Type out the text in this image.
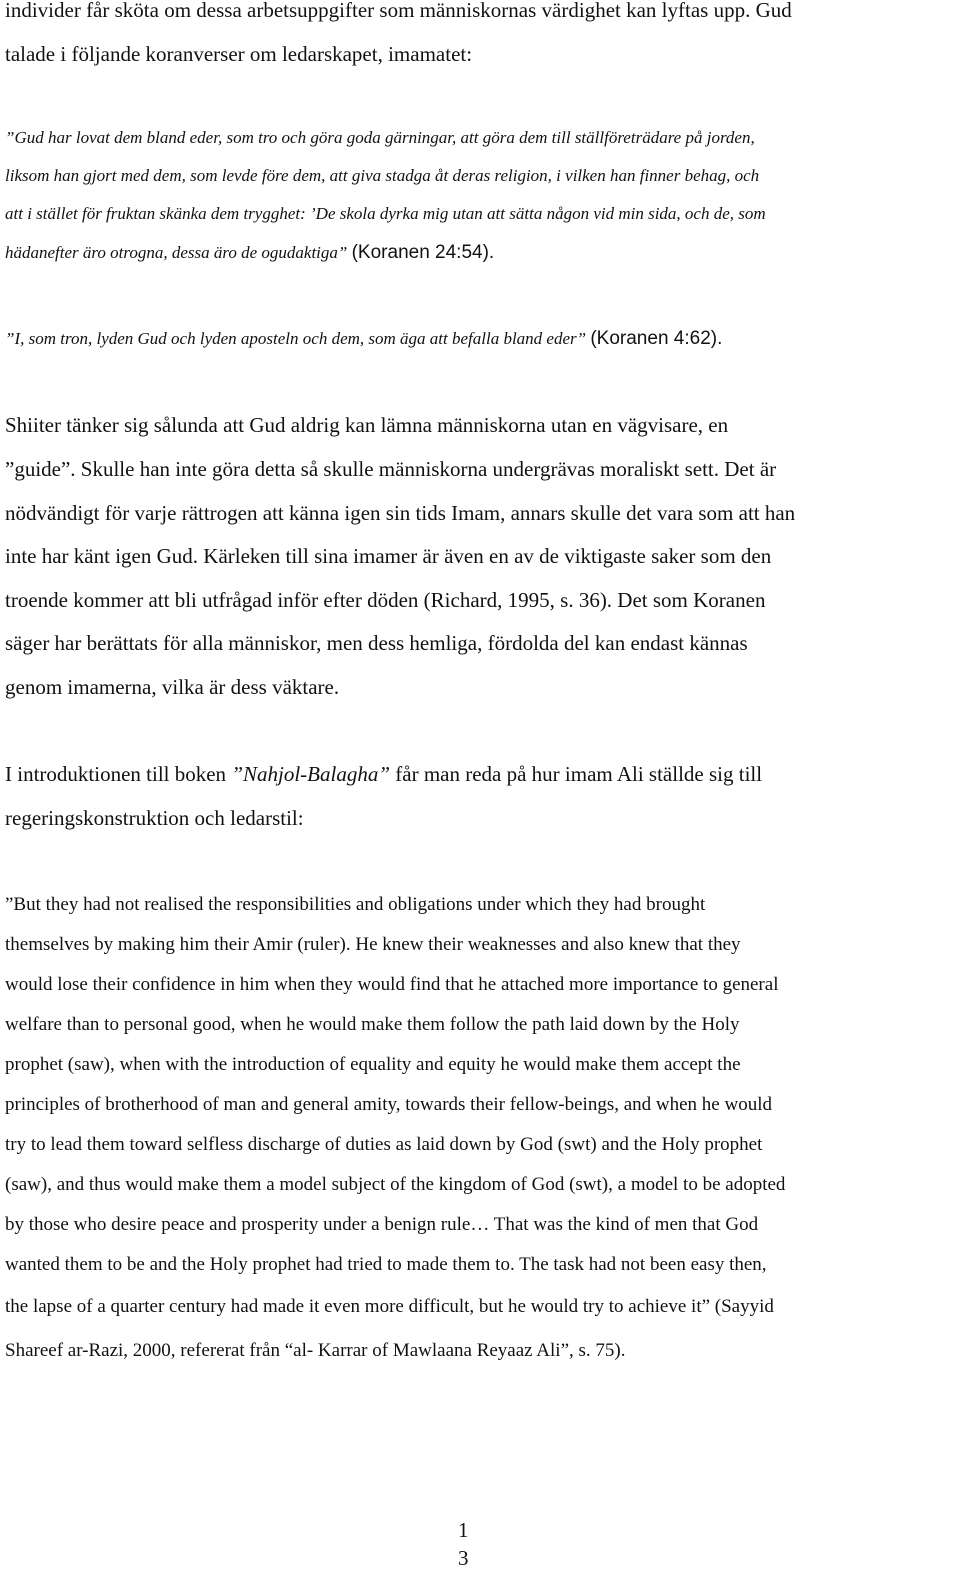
individer får sköta om dessa arbetsuppgifter som människornas värdighet kan lyftas upp. Gud
talade i följande koranverser om ledarskapet, imamatet:
”Gud har lovat dem bland eder, som tro och göra goda gärningar, att göra dem till ställföreträdare på jorden,
liksom han gjort med dem, som levde före dem, att giva stadga åt deras religion, i vilken han finner behag, och
att i stället för fruktan skänka dem trygghet: ’De skola dyrka mig utan att sätta någon vid min sida, och de, som
hädanefter äro otrogna, dessa äro de ogudaktiga” (Koranen 24:54).
”I, som tron, lyden Gud och lyden aposteln och dem, som äga att befalla bland eder” (Koranen 4:62).
Shiiter tänker sig sålunda att Gud aldrig kan lämna människorna utan en vägvisare, en
”guide”. Skulle han inte göra detta så skulle människorna undergrävas moraliskt sett. Det är
nödvändigt för varje rättrogen att känna igen sin tids Imam, annars skulle det vara som att han
inte har känt igen Gud. Kärleken till sina imamer är även en av de viktigaste saker som den
troende kommer att bli utfrågad inför efter döden (Richard, 1995, s. 36). Det som Koranen
säger har berättats för alla människor, men dess hemliga, fördolda del kan endast kännas
genom imamerna, vilka är dess väktare.
I introduktionen till boken ”Nahjol-Balagha” får man reda på hur imam Ali ställde sig till
regeringskonstruktion och ledarstil:
”But they had not realised the responsibilities and obligations under which they had brought
themselves by making him their Amir (ruler). He knew their weaknesses and also knew that they
would lose their confidence in him when they would find that he attached more importance to general
welfare than to personal good, when he would make them follow the path laid down by the Holy
prophet (saw), when with the introduction of equality and equity he would make them accept the
principles of brotherhood of man and general amity, towards their fellow-beings, and when he would
try to lead them toward selfless discharge of duties as laid down by God (swt) and the Holy prophet
(saw), and thus would make them a model subject of the kingdom of God (swt), a model to be adopted
by those who desire peace and prosperity under a benign rule… That was the kind of men that God
wanted them to be and the Holy prophet had tried to made them to. The task had not been easy then,
the lapse of a quarter century had made it even more difficult, but he would try to achieve it” (Sayyid
Shareef ar-Razi, 2000, refererat från “al- Karrar of Mawlaana Reyaaz Ali”, s. 75).
1
3
